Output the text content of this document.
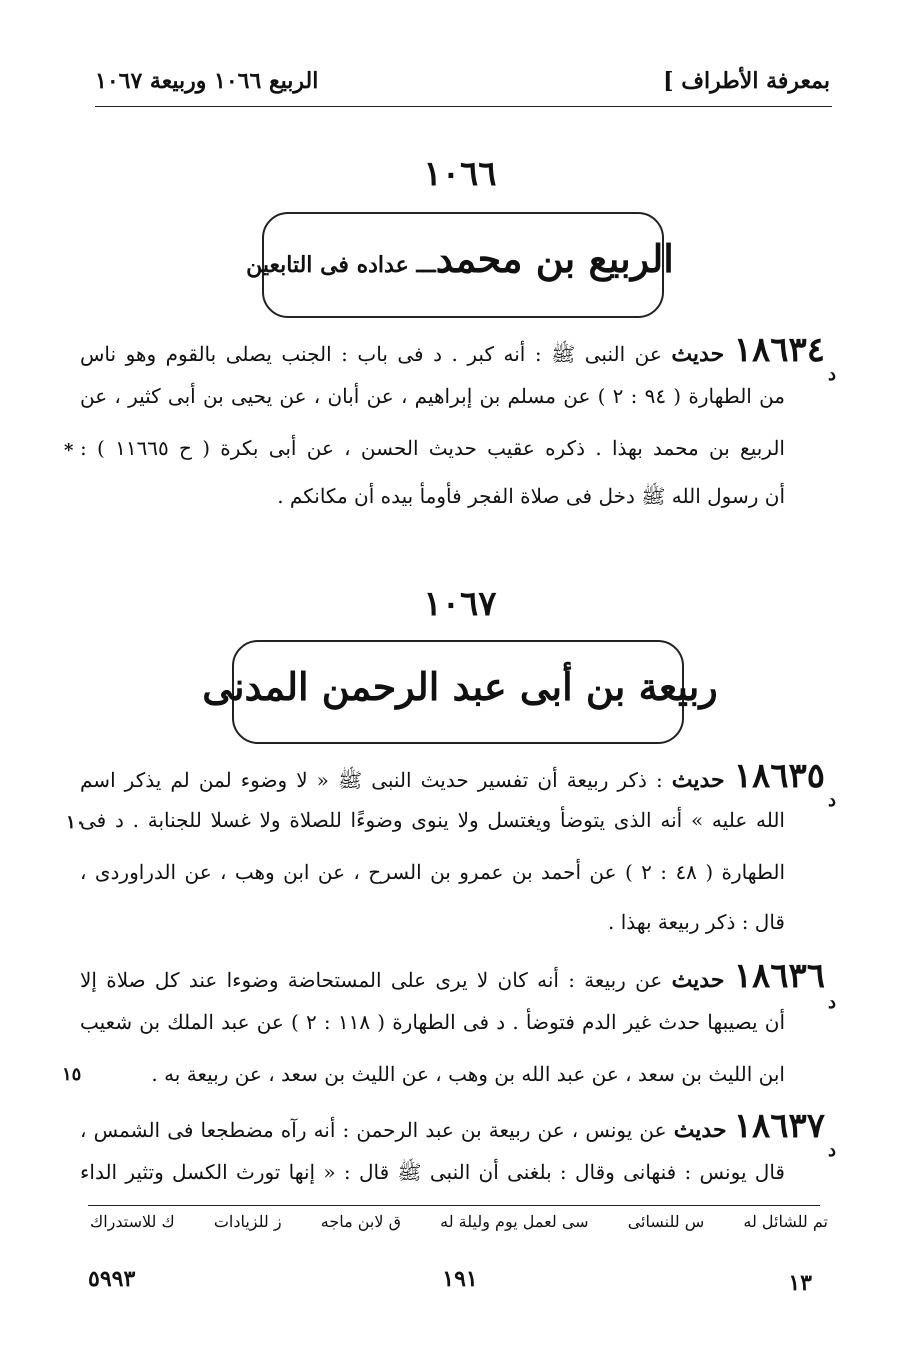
بمعرفة الأطراف ]
الربيع ١٠٦٦ وربيعة ١٠٦٧
١٠٦٦
الربيع بن محمدـــ عداده فى التابعين
١٨٦٣٤ حديث عن النبى ﷺ : أنه كبر . د فى باب : الجنب يصلى بالقوم وهو ناس
د
من الطهارة ( ٩٤ : ٢ ) عن مسلم بن إبراهيم ، عن أبان ، عن يحيى بن أبى كثير ، عن
الربيع بن محمد بهذا . ذكره عقيب حديث الحسن ، عن أبى بكرة ( ح ١١٦٦٥ ) :
*
أن رسول الله ﷺ دخل فى صلاة الفجر فأومأ بيده أن مكانكم .
١٠٦٧
ربيعة بن أبى عبد الرحمن المدنى
١٨٦٣٥ حديث : ذكر ربيعة أن تفسير حديث النبى ﷺ « لا وضوء لمن لم يذكر اسم
د
الله عليه » أنه الذى يتوضأ ويغتسل ولا ينوى وضوءًا للصلاة ولا غسلا للجنابة . د فى
١٠
الطهارة ( ٤٨ : ٢ ) عن أحمد بن عمرو بن السرح ، عن ابن وهب ، عن الدراوردى ،
قال : ذكر ربيعة بهذا .
١٨٦٣٦ حديث عن ربيعة : أنه كان لا يرى على المستحاضة وضوءا عند كل صلاة إلا
د
أن يصيبها حدث غير الدم فتوضأ . د فى الطهارة ( ١١٨ : ٢ ) عن عبد الملك بن شعيب
ابن الليث بن سعد ، عن عبد الله بن وهب ، عن الليث بن سعد ، عن ربيعة به .
١٥
١٨٦٣٧ حديث عن يونس ، عن ربيعة بن عبد الرحمن : أنه رآه مضطجعا فى الشمس ،
د
قال يونس : فنهانى وقال : بلغنى أن النبى ﷺ قال : « إنها تورث الكسل وتثير الداء
تم للشائل له
س للنسائى
سى لعمل يوم وليلة له
ق لابن ماجه
ز للزيادات
ك للاستدراك
١٣
١٩١
٥٩٩٣
